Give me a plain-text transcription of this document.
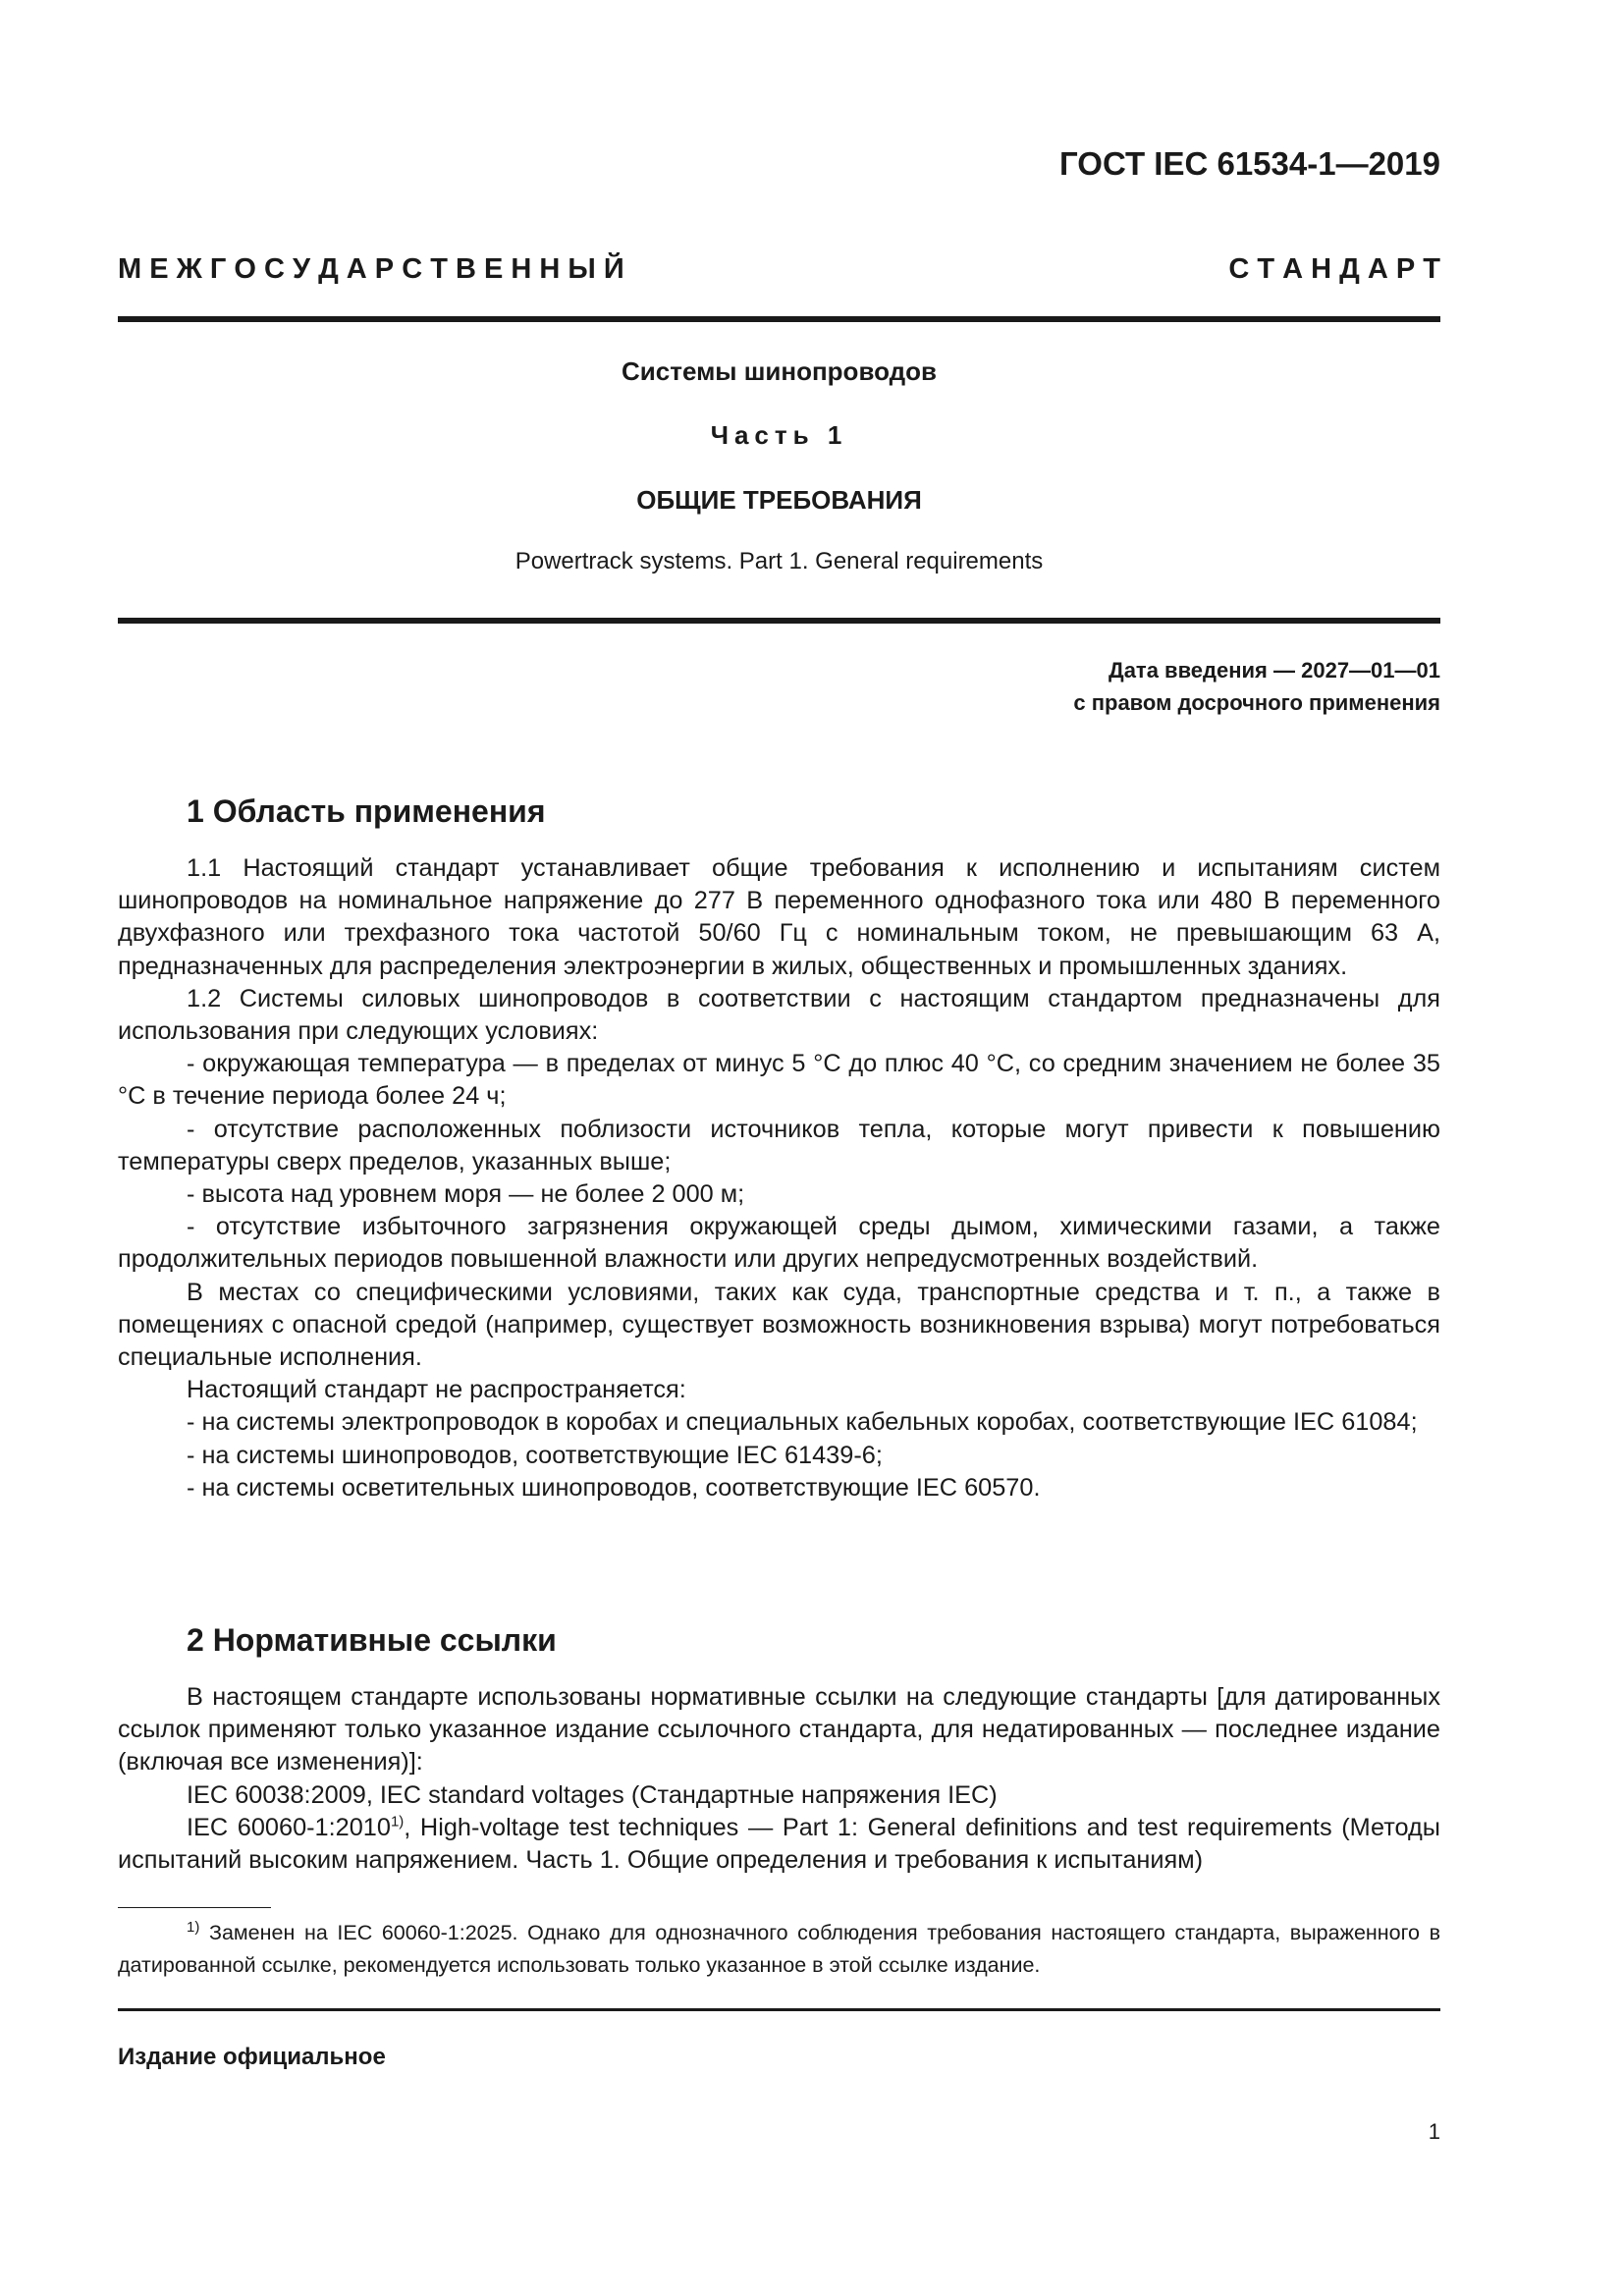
ГОСТ IEC 61534-1—2019
М Е Ж Г О С У Д А Р С Т В Е Н Н Ы Й	С Т А Н Д А Р Т
Системы шинопроводов
Часть 1
ОБЩИЕ ТРЕБОВАНИЯ
Powertrack systems. Part 1. General requirements
Дата введения — 2027—01—01
с правом досрочного применения
1 Область применения

1.1 Настоящий стандарт устанавливает общие требования к исполнению и испытаниям систем шинопроводов на номинальное напряжение до 277 В переменного однофазного тока или 480 В переменного двухфазного или трехфазного тока частотой 50/60 Гц с номинальным током, не превышающим 63 А, предназначенных для распределения электроэнергии в жилых, общественных и промышленных зданиях.

1.2 Системы силовых шинопроводов в соответствии с настоящим стандартом предназначены для использования при следующих условиях:

- окружающая температура — в пределах от минус 5 °C до плюс 40 °C, со средним значением не более 35 °C в течение периода более 24 ч;

- отсутствие расположенных поблизости источников тепла, которые могут привести к повышению температуры сверх пределов, указанных выше;

- высота над уровнем моря — не более 2 000 м;

- отсутствие избыточного загрязнения окружающей среды дымом, химическими газами, а также продолжительных периодов повышенной влажности или других непредусмотренных воздействий.

В местах со специфическими условиями, таких как суда, транспортные средства и т. п., а также в помещениях с опасной средой (например, существует возможность возникновения взрыва) могут потребоваться специальные исполнения.

Настоящий стандарт не распространяется:

- на системы электропроводок в коробах и специальных кабельных коробах, соответствующие IEC 61084;

- на системы шинопроводов, соответствующие IEC 61439-6;

- на системы осветительных шинопроводов, соответствующие IEC 60570.

2 Нормативные ссылки

В настоящем стандарте использованы нормативные ссылки на следующие стандарты [для датированных ссылок применяют только указанное издание ссылочного стандарта, для недатированных — последнее издание (включая все изменения)]:

IEC 60038:2009, IEC standard voltages (Стандартные напряжения IEC)

IEC 60060-1:2010$^{1)}$, High-voltage test techniques — Part 1: General definitions and test requirements (Методы испытаний высоким напряжением. Часть 1. Общие определения и требования к испытаниям)

$^{1)}$ Заменен на IEC 60060-1:2025. Однако для однозначного соблюдения требования настоящего стандарта, выраженного в датированной ссылке, рекомендуется использовать только указанное в этой ссылке издание.

Издание официальное
1
